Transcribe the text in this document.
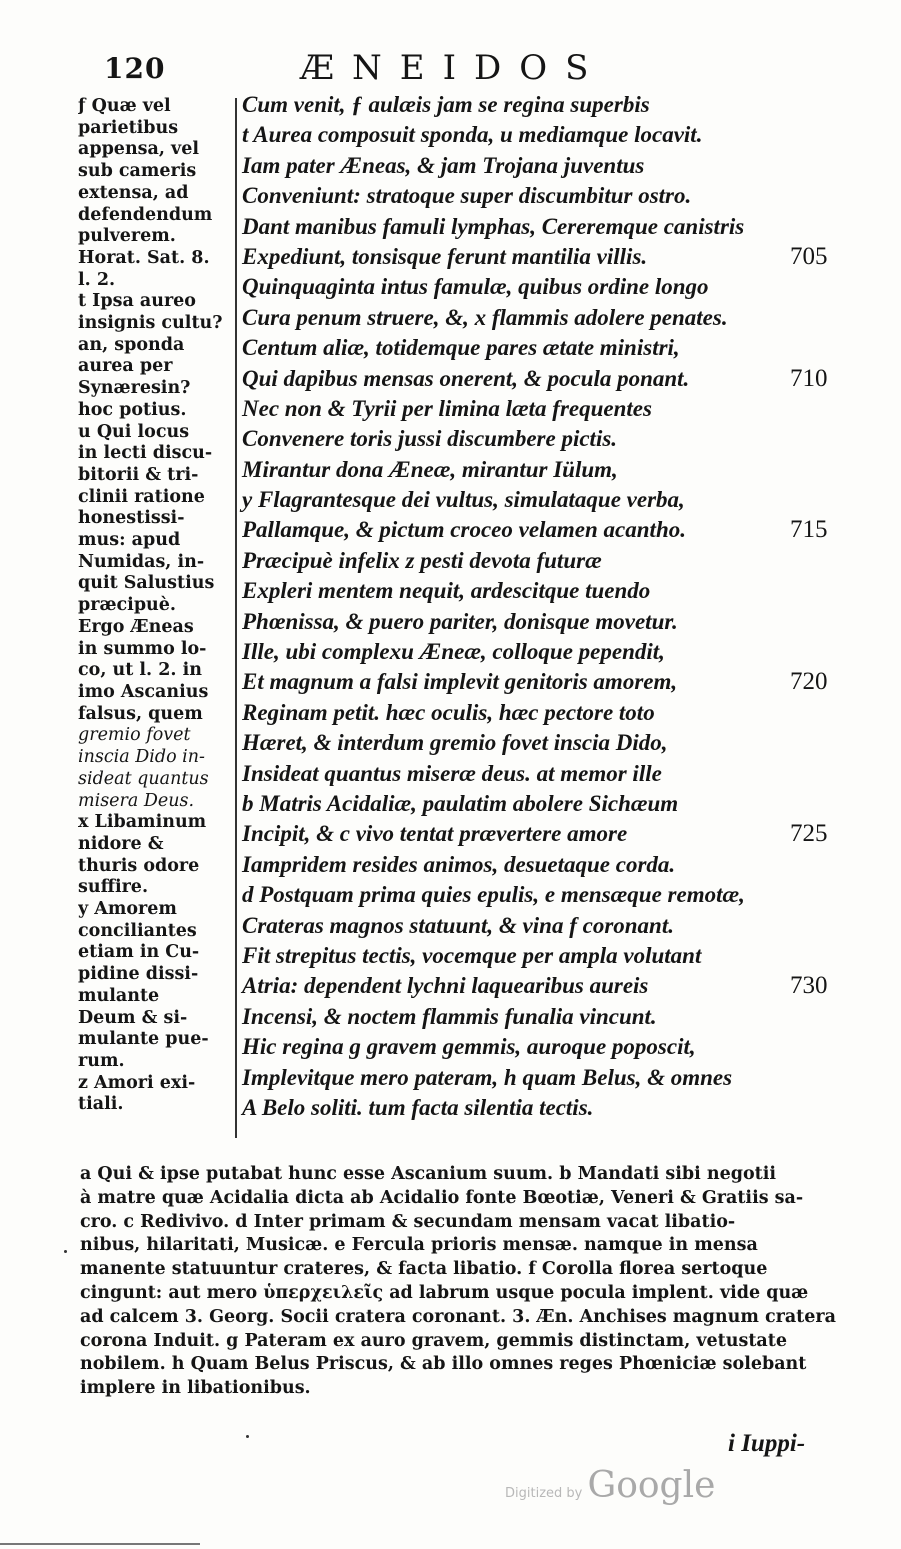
120	ÆNEIDOS
ƒ Quæ vel
parietibus
appensa, vel
sub cameris
extensa, ad
defendendum
pulverem.
Horat. Sat. 8.
l. 2.
t Ipsa aureo
insignis cultu?
an, sponda
aurea per
Synæresin?
hoc potius.
u Qui locus
in lecti discu-
bitorii & tri-
clinii ratione
honestissi-
mus: apud
Numidas, in-
quit Salustius
præcipuè.
Ergo Æneas
in summo lo-
co, ut l. 2. in
imo Ascanius
falsus, quem
gremio fovet
inscia Dido in-
sideat quantus
misera Deus.
x Libaminum
nidore &
thuris odore
suffire.
y Amorem
conciliantes
etiam in Cu-
pidine dissi-
mulante
Deum & si-
mulante pue-
rum.
z Amori exi-
tiali.
Cum venit, ƒ aulæis jam se regina superbis
t Aurea composuit sponda, u mediamque locavit.
Iam pater Æneas, & jam Trojana juventus
Conveniunt: stratoque super discumbitur ostro.
Dant manibus famuli lymphas, Cereremque canistris
Expediunt, tonsisque ferunt mantilia villis.	705
Quinquaginta intus famulæ, quibus ordine longo
Cura penum struere, &, x flammis adolere penates.
Centum aliæ, totidemque pares ætate ministri,
Qui dapibus mensas onerent, & pocula ponant.	710
Nec non & Tyrii per limina læta frequentes
Convenere toris jussi discumbere pictis.
Mirantur dona Æneæ, mirantur Iülum,
y Flagrantesque dei vultus, simulataque verba,
Pallamque, & pictum croceo velamen acantho.	715
Præcipuè infelix z pesti devota futuræ
Expleri mentem nequit, ardescitque tuendo
Phœnissa, & puero pariter, donisque movetur.
Ille, ubi complexu Æneæ, colloque pependit,
Et magnum a falsi implevit genitoris amorem,	720
Reginam petit. hæc oculis, hæc pectore toto
Hæret, & interdum gremio fovet inscia Dido,
Insideat quantus miseræ deus. at memor ille
b Matris Acidaliæ, paulatim abolere Sichæum
Incipit, & c vivo tentat prævertere amore	725
Iampridem resides animos, desuetaque corda.
d Postquam prima quies epulis, e mensæque remotæ,
Crateras magnos statuunt, & vina f coronant.
Fit strepitus tectis, vocemque per ampla volutant
Atria: dependent lychni laquearibus aureis	730
Incensi, & noctem flammis funalia vincunt.
Hic regina g gravem gemmis, auroque poposcit,
Implevitque mero pateram, h quam Belus, & omnes
A Belo soliti. tum facta silentia tectis.
a Qui & ipse putabat hunc esse Ascanium suum. b Mandati sibi negotii
à matre quæ Acidalia dicta ab Acidalio fonte Bœotiæ, Veneri & Gratiis sa-
cro. c Redivivo. d Inter primam & secundam mensam vacat libatio-
nibus, hilaritati, Musicæ. e Fercula prioris mensæ. namque in mensa
manente statuuntur crateres, & facta libatio. f Corolla florea sertoque
cingunt: aut mero ὑπερχειλεῖς ad labrum usque pocula implent. vide quæ
ad calcem 3. Georg. Socii cratera coronant. 3. Æn. Anchises magnum cratera
corona Induit. g Pateram ex auro gravem, gemmis distinctam, vetustate
nobilem. h Quam Belus Priscus, & ab illo omnes reges Phœniciæ solebant
implere in libationibus.
i Iuppi-
Digitized by Google
